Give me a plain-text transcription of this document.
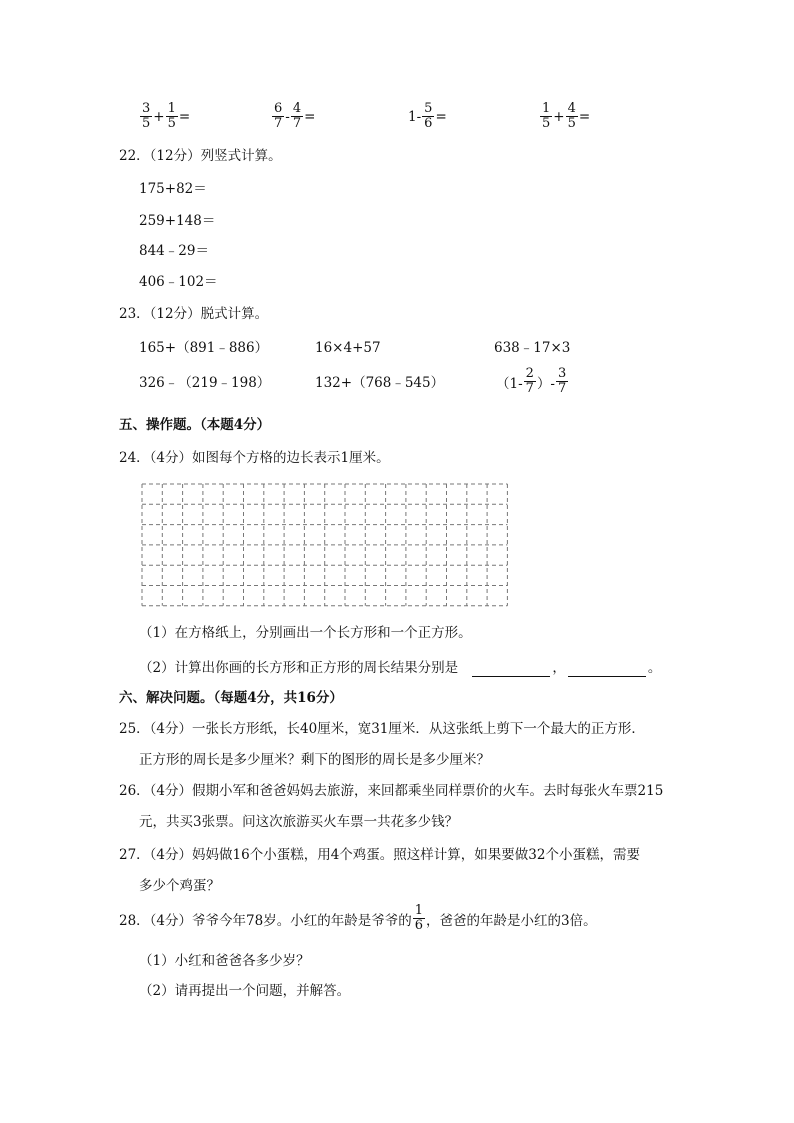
$\frac{3}{5} + \frac{1}{5}$ =	$\frac{6}{7} - \frac{4}{7}$ =	$1- \frac{5}{6}$ =	$\frac{1}{5} + \frac{4}{5}$ =
22．（12分）列竖式计算。
175+82＝
259+148＝
844﹣29＝
406﹣102＝
23．（12分）脱式计算。
165+（891﹣886）	16×4+57	638﹣17×3
326﹣（219﹣198）	132+（768﹣545）	（$1- \frac{2}{7}$ ）- $\frac{3}{7}$
五、操作题。（本题4分）
24．（4分）如图每个方格的边长表示1厘米。
（1）在方格纸上，分别画出一个长方形和一个正方形。
（2）计算出你画的长方形和正方形的周长结果分别是	，	。
六、解决问题。（每题4分，共16分）
25．（4分）一张长方形纸，长40厘米，宽31厘米．从这张纸上剪下一个最大的正方形．
正方形的周长是多少厘米？剩下的图形的周长是多少厘米？
26．（4分）假期小军和爸爸妈妈去旅游，来回都乘坐同样票价的火车。去时每张火车票215
元，共买3张票。问这次旅游买火车票一共花多少钱？
27．（4分）妈妈做16个小蛋糕，用4个鸡蛋。照这样计算，如果要做32个小蛋糕，需要
多少个鸡蛋？
28．（4分）爷爷今年78岁。小红的年龄是爷爷的 $\frac{1}{6}$ ，爸爸的年龄是小红的3倍。
（1）小红和爸爸各多少岁？
（2）请再提出一个问题，并解答。
